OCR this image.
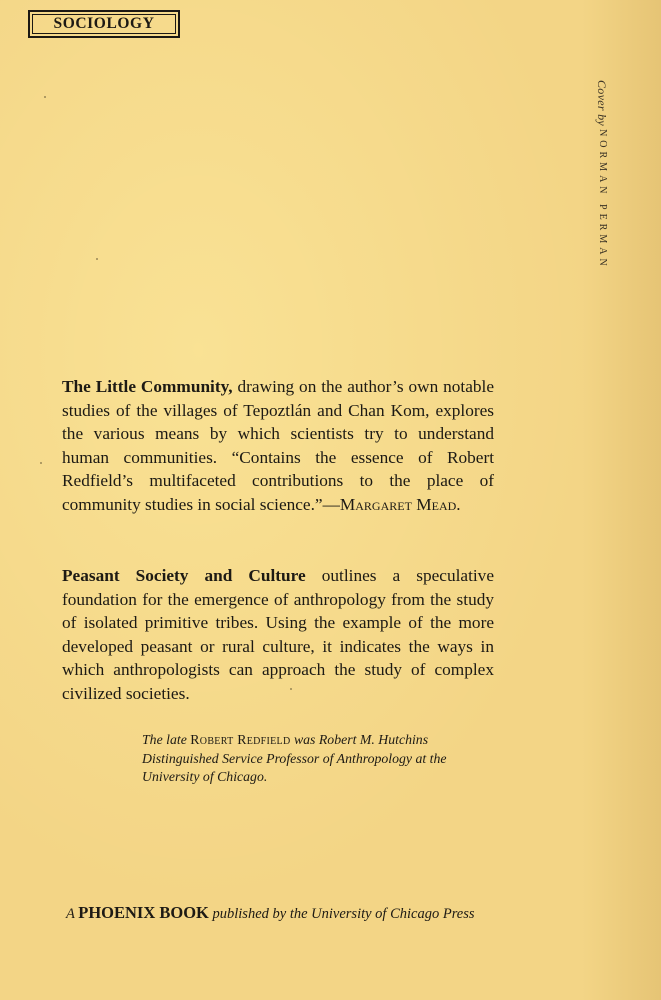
SOCIOLOGY
Cover by NORMAN PERMAN

The Little Community, drawing on the author’s own notable studies of the villages of Tepoztlán and Chan Kom, explores the various means by which scientists try to understand human communities. “Contains the essence of Robert Redfield’s multifaceted contributions to the place of community studies in social science.”—Margaret Mead.

Peasant Society and Culture outlines a speculative foundation for the emergence of anthropology from the study of isolated primitive tribes. Using the example of the more developed peasant or rural culture, it indicates the ways in which anthropologists can approach the study of complex civilized societies.

The late Robert Redfield was Robert M. Hutchins Distinguished Service Professor of Anthropology at the University of Chicago.

A PHOENIX BOOK published by the University of Chicago Press
